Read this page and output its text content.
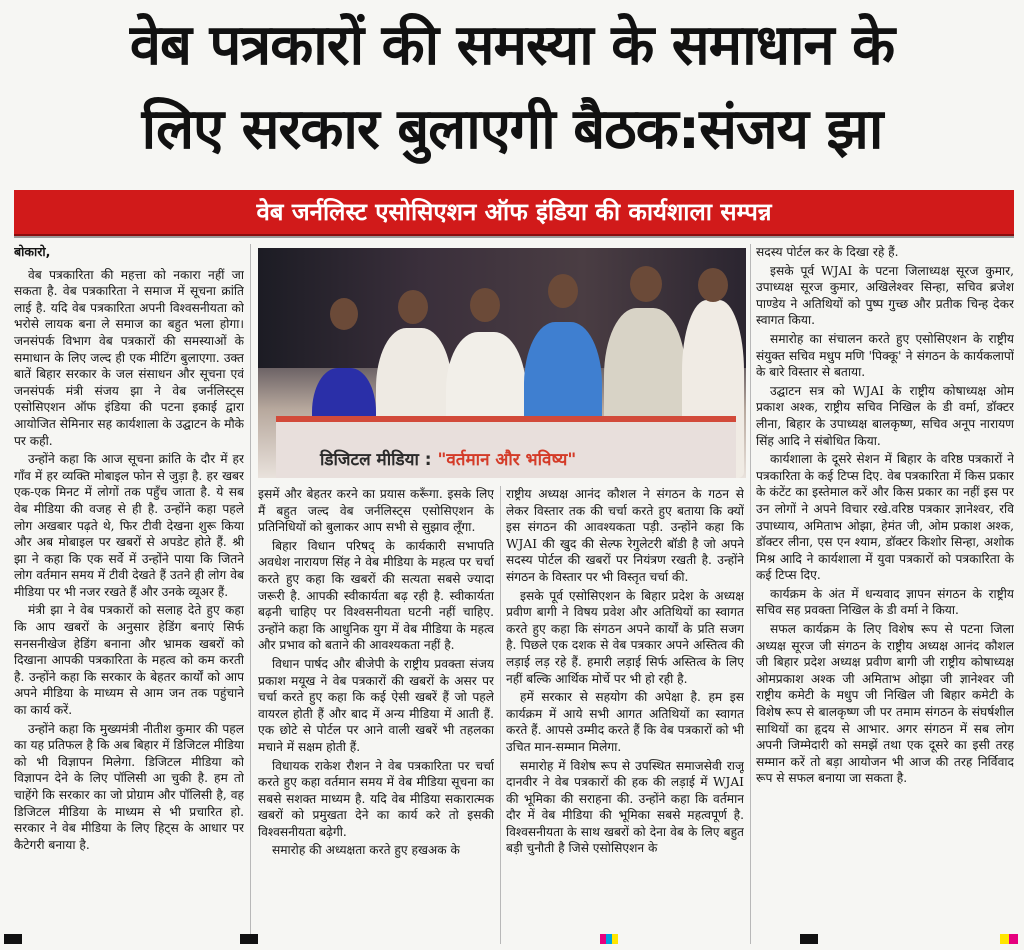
वेब पत्रकारों की समस्या के समाधान के
लिए सरकार बुलाएगी बैठक:संजय झा
वेब जर्नलिस्ट एसोसिएशन ऑफ इंडिया की कार्यशाला सम्पन्न

बोकारो,

वेब पत्रकारिता की महत्ता को नकारा नहीं जा सकता है. वेब पत्रकारिता ने समाज में सूचना क्रांति लाई है. यदि वेब पत्रकारिता अपनी विश्वसनीयता को भरोसे लायक बना ले समाज का बहुत भला होगा। जनसंपर्क विभाग वेब पत्रकारों की समस्याओं के समाधान के लिए जल्द ही एक मीटिंग बुलाएगा. उक्त बातें बिहार सरकार के जल संसाधन और सूचना एवं जनसंपर्क मंत्री संजय झा ने वेब जर्नलिस्ट्स एसोसिएशन ऑफ इंडिया की पटना इकाई द्वारा आयोजित सेमिनार सह कार्यशाला के उद्घाटन के मौके पर कही.

उन्होंने कहा कि आज सूचना क्रांति के दौर में हर गाँव में हर व्यक्ति मोबाइल फोन से जुड़ा है. हर खबर एक-एक मिनट में लोगों तक पहुँच जाता है. ये सब वेब मीडिया की वजह से ही है. उन्होंने कहा पहले लोग अखबार पढ़ते थे, फिर टीवी देखना शुरू किया और अब मोबाइल पर खबरों से अपडेट होते हैं. श्री झा ने कहा कि एक सर्वे में उन्होंने पाया कि जितने लोग वर्तमान समय में टीवी देखते हैं उतने ही लोग वेब मीडिया पर भी नजर रखते हैं और उनके व्यूअर हैं.

मंत्री झा ने वेब पत्रकारों को सलाह देते हुए कहा कि आप खबरों के अनुसार हेडिंग बनाएं सिर्फ सनसनीखेज हेडिंग बनाना और भ्रामक खबरों को दिखाना आपकी पत्रकारिता के महत्व को कम करती है. उन्होंने कहा कि सरकार के बेहतर कार्यों को आप अपने मीडिया के माध्यम से आम जन तक पहुंचाने का कार्य करें.

उन्होंने कहा कि मुख्यमंत्री नीतीश कुमार की पहल का यह प्रतिफल है कि अब बिहार में डिजिटल मीडिया को भी विज्ञापन मिलेगा. डिजिटल मीडिया को विज्ञापन देने के लिए पॉलिसी आ चुकी है. हम तो चाहेंगे कि सरकार का जो प्रोग्राम और पॉलिसी है, वह डिजिटल मीडिया के माध्यम से भी प्रचारित हो. सरकार ने वेब मीडिया के लिए हिट्स के आधार पर कैटेगरी बनाया है.

डिजिटल मीडिया : "वर्तमान और भविष्य"

इसमें और बेहतर करने का प्रयास करूँगा. इसके लिए मैं बहुत जल्द वेब जर्नलिस्ट्स एसोसिएशन के प्रतिनिधियों को बुलाकर आप सभी से सुझाव लूँगा.

बिहार विधान परिषद् के कार्यकारी सभापति अवधेश नारायण सिंह ने वेब मीडिया के महत्व पर चर्चा करते हुए कहा कि खबरों की सत्यता सबसे ज्यादा जरूरी है. आपकी स्वीकार्यता बढ़ रही है. स्वीकार्यता बढ़नी चाहिए पर विश्वसनीयता घटनी नहीं चाहिए. उन्होंने कहा कि आधुनिक युग में वेब मीडिया के महत्व और प्रभाव को बताने की आवश्यकता नहीं है.

विधान पार्षद और बीजेपी के राष्ट्रीय प्रवक्ता संजय प्रकाश मयूख ने वेब पत्रकारों की खबरों के असर पर चर्चा करते हुए कहा कि कई ऐसी खबरें हैं जो पहले वायरल होती हैं और बाद में अन्य मीडिया में आती हैं. एक छोटे से पोर्टल पर आने वाली खबरें भी तहलका मचाने में सक्षम होती हैं.

विधायक राकेश रौशन ने वेब पत्रकारिता पर चर्चा करते हुए कहा वर्तमान समय में वेब मीडिया सूचना का सबसे सशक्त माध्यम है. यदि वेब मीडिया सकारात्मक खबरों को प्रमुखता देने का कार्य करे तो इसकी विश्वसनीयता बढ़ेगी.

समारोह की अध्यक्षता करते हुए हखअक के

राष्ट्रीय अध्यक्ष आनंद कौशल ने संगठन के गठन से लेकर विस्तार तक की चर्चा करते हुए बताया कि क्यों इस संगठन की आवश्यकता पड़ी. उन्होंने कहा कि WJAI की खुद की सेल्फ रेगुलेटरी बॉडी है जो अपने सदस्य पोर्टल की खबरों पर नियंत्रण रखती है. उन्होंने संगठन के विस्तार पर भी विस्तृत चर्चा की.

इसके पूर्व एसोसिएशन के बिहार प्रदेश के अध्यक्ष प्रवीण बागी ने विषय प्रवेश और अतिथियों का स्वागत करते हुए कहा कि संगठन अपने कार्यों के प्रति सजग है. पिछले एक दशक से वेब पत्रकार अपने अस्तित्व की लड़ाई लड़ रहे हैं. हमारी लड़ाई सिर्फ अस्तित्व के लिए नहीं बल्कि आर्थिक मोर्चे पर भी हो रही है.

हमें सरकार से सहयोग की अपेक्षा है. हम इस कार्यक्रम में आये सभी आगत अतिथियों का स्वागत करते हैं. आपसे उम्मीद करते हैं कि वेब पत्रकारों को भी उचित मान-सम्मान मिलेगा.

समारोह में विशेष रूप से उपस्थित समाजसेवी राजू दानवीर ने वेब पत्रकारों की हक की लड़ाई में WJAI की भूमिका की सराहना की. उन्होंने कहा कि वर्तमान दौर में वेब मीडिया की भूमिका सबसे महत्वपूर्ण है. विश्वसनीयता के साथ खबरों को देना वेब के लिए बहुत बड़ी चुनौती है जिसे एसोसिएशन के

सदस्य पोर्टल कर के दिखा रहे हैं.

इसके पूर्व WJAI के पटना जिलाध्यक्ष सूरज कुमार, उपाध्यक्ष सूरज कुमार, अखिलेश्वर सिन्हा, सचिव ब्रजेश पाण्डेय ने अतिथियों को पुष्प गुच्छ और प्रतीक चिन्ह देकर स्वागत किया.

समारोह का संचालन करते हुए एसोसिएशन के राष्ट्रीय संयुक्त सचिव मधुप मणि 'पिक्कू' ने संगठन के कार्यकलापों के बारे विस्तार से बताया.

उद्घाटन सत्र को WJAI के राष्ट्रीय कोषाध्यक्ष ओम प्रकाश अश्क, राष्ट्रीय सचिव निखिल के डी वर्मा, डॉक्टर लीना, बिहार के उपाध्यक्ष बालकृष्ण, सचिव अनूप नारायण सिंह आदि ने संबोधित किया.

कार्यशाला के दूसरे सेशन में बिहार के वरिष्ठ पत्रकारों ने पत्रकारिता के कई टिप्स दिए. वेब पत्रकारिता में किस प्रकार के कंटेंट का इस्तेमाल करें और किस प्रकार का नहीं इस पर उन लोगों ने अपने विचार रखे.वरिष्ठ पत्रकार ज्ञानेश्वर, रवि उपाध्याय, अमिताभ ओझा, हेमंत जी, ओम प्रकाश अश्क, डॉक्टर लीना, एस एन श्याम, डॉक्टर किशोर सिन्हा, अशोक मिश्र आदि ने कार्यशाला में युवा पत्रकारों को पत्रकारिता के कई टिप्स दिए.

कार्यक्रम के अंत में धन्यवाद ज्ञापन संगठन के राष्ट्रीय सचिव सह प्रवक्ता निखिल के डी वर्मा ने किया.

सफल कार्यक्रम के लिए विशेष रूप से पटना जिला अध्यक्ष सूरज जी संगठन के राष्ट्रीय अध्यक्ष आनंद कौशल जी बिहार प्रदेश अध्यक्ष प्रवीण बागी जी राष्ट्रीय कोषाध्यक्ष ओमप्रकाश अश्क जी अमिताभ ओझा जी ज्ञानेश्वर जी राष्ट्रीय कमेटी के मधुप जी निखिल जी बिहार कमेटी के विशेष रूप से बालकृष्ण जी पर तमाम संगठन के संघर्षशील साथियों का हृदय से आभार. अगर संगठन में सब लोग अपनी जिम्मेदारी को समझें तथा एक दूसरे का इसी तरह सम्मान करें तो बड़ा आयोजन भी आज की तरह निर्विवाद रूप से सफल बनाया जा सकता है.
